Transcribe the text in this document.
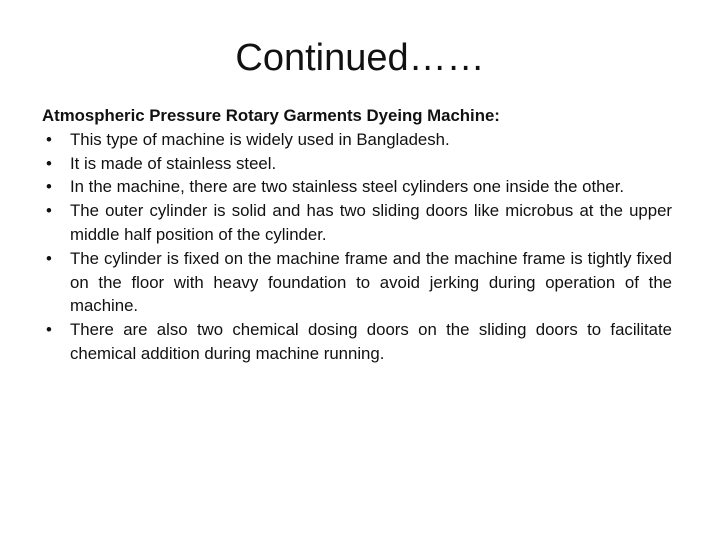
Continued……

Atmospheric Pressure Rotary Garments Dyeing Machine:

•	This type of machine is widely used in Bangladesh.
•	It is made of stainless steel.
•	In the machine, there are two stainless steel cylinders one inside the other.
•	The outer cylinder is solid and has two sliding doors like microbus at the upper middle half position of the cylinder.
•	The cylinder is fixed on the machine frame and the machine frame is tightly fixed on the floor with heavy foundation to avoid jerking during operation of the machine.
•	There are also two chemical dosing doors on the sliding doors to facilitate chemical addition during machine running.
